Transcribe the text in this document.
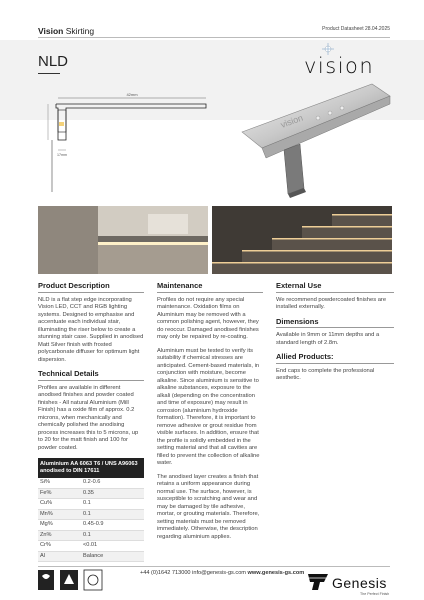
Vision Skirting	Product Datasheet 28.04.2025
NLD	vision
42mm
17mm
vision
Product Description

NLD is a flat step edge incorporating Vision LED, CCT and RGB lighting systems. Designed to emphasise and accentuate each individual stair, illuminating the riser below to create a stunning stair case. Supplied in anodised Matt Silver finish with frosted polycarbonate diffuser for optimum light dispersion.

Technical Details

Profiles are available in different anodised finishes and powder coated finishes - All natural Aluminium (Mill Finish) has a oxide film of approx. 0.2 microns, when mechanically and chemically polished the anodising process increases this to 5 microns, up to 20 for the matt finish and 100 for powder coated.

Aluminium AA 6063 T6 / UNS A96063 anodised to DIN 17611
Si%	0.2-0.6
Fe%	0.35
Cu%	0.1
Mn%	0.1
Mg%	0.45-0.9
Zn%	0.1
Cr%	<0.01
Al	Balance
Maintenance

Profiles do not require any special maintenance. Oxidation films on Aluminium may be removed with a common polishing agent, however, they do reoccur. Damaged anodised finishes may only be repaired by re-coating.

Aluminium must be tested to verify its suitability if chemical stresses are anticipated. Cement-based materials, in conjunction with moisture, become alkaline. Since aluminium is sensitive to alkaline substances, exposure to the alkali (depending on the concentration and time of exposure) may result in corrosion (aluminium hydroxide formation). Therefore, it is important to remove adhesive or grout residue from visible surfaces. In addition, ensure that the profile is solidly embedded in the setting material and that all cavities are filled to prevent the collection of alkaline water.

The anodised layer creates a finish that retains a uniform appearance during normal use. The surface, however, is susceptible to scratching and wear and may be damaged by tile adhesive, mortar, or grouting materials. Therefore, setting materials must be removed immediately. Otherwise, the description regarding aluminium applies.

External Use

We recommend powdercoated finishes are installed externally.

Dimensions

Available in 9mm or 11mm depths and a standard length of 2.8m.

Allied Products:

End caps to complete the professional aesthetic.

+44 (0)1642 713000 info@genesis-gs.com www.genesis-gs.com
Genesis
The Perfect Finish
